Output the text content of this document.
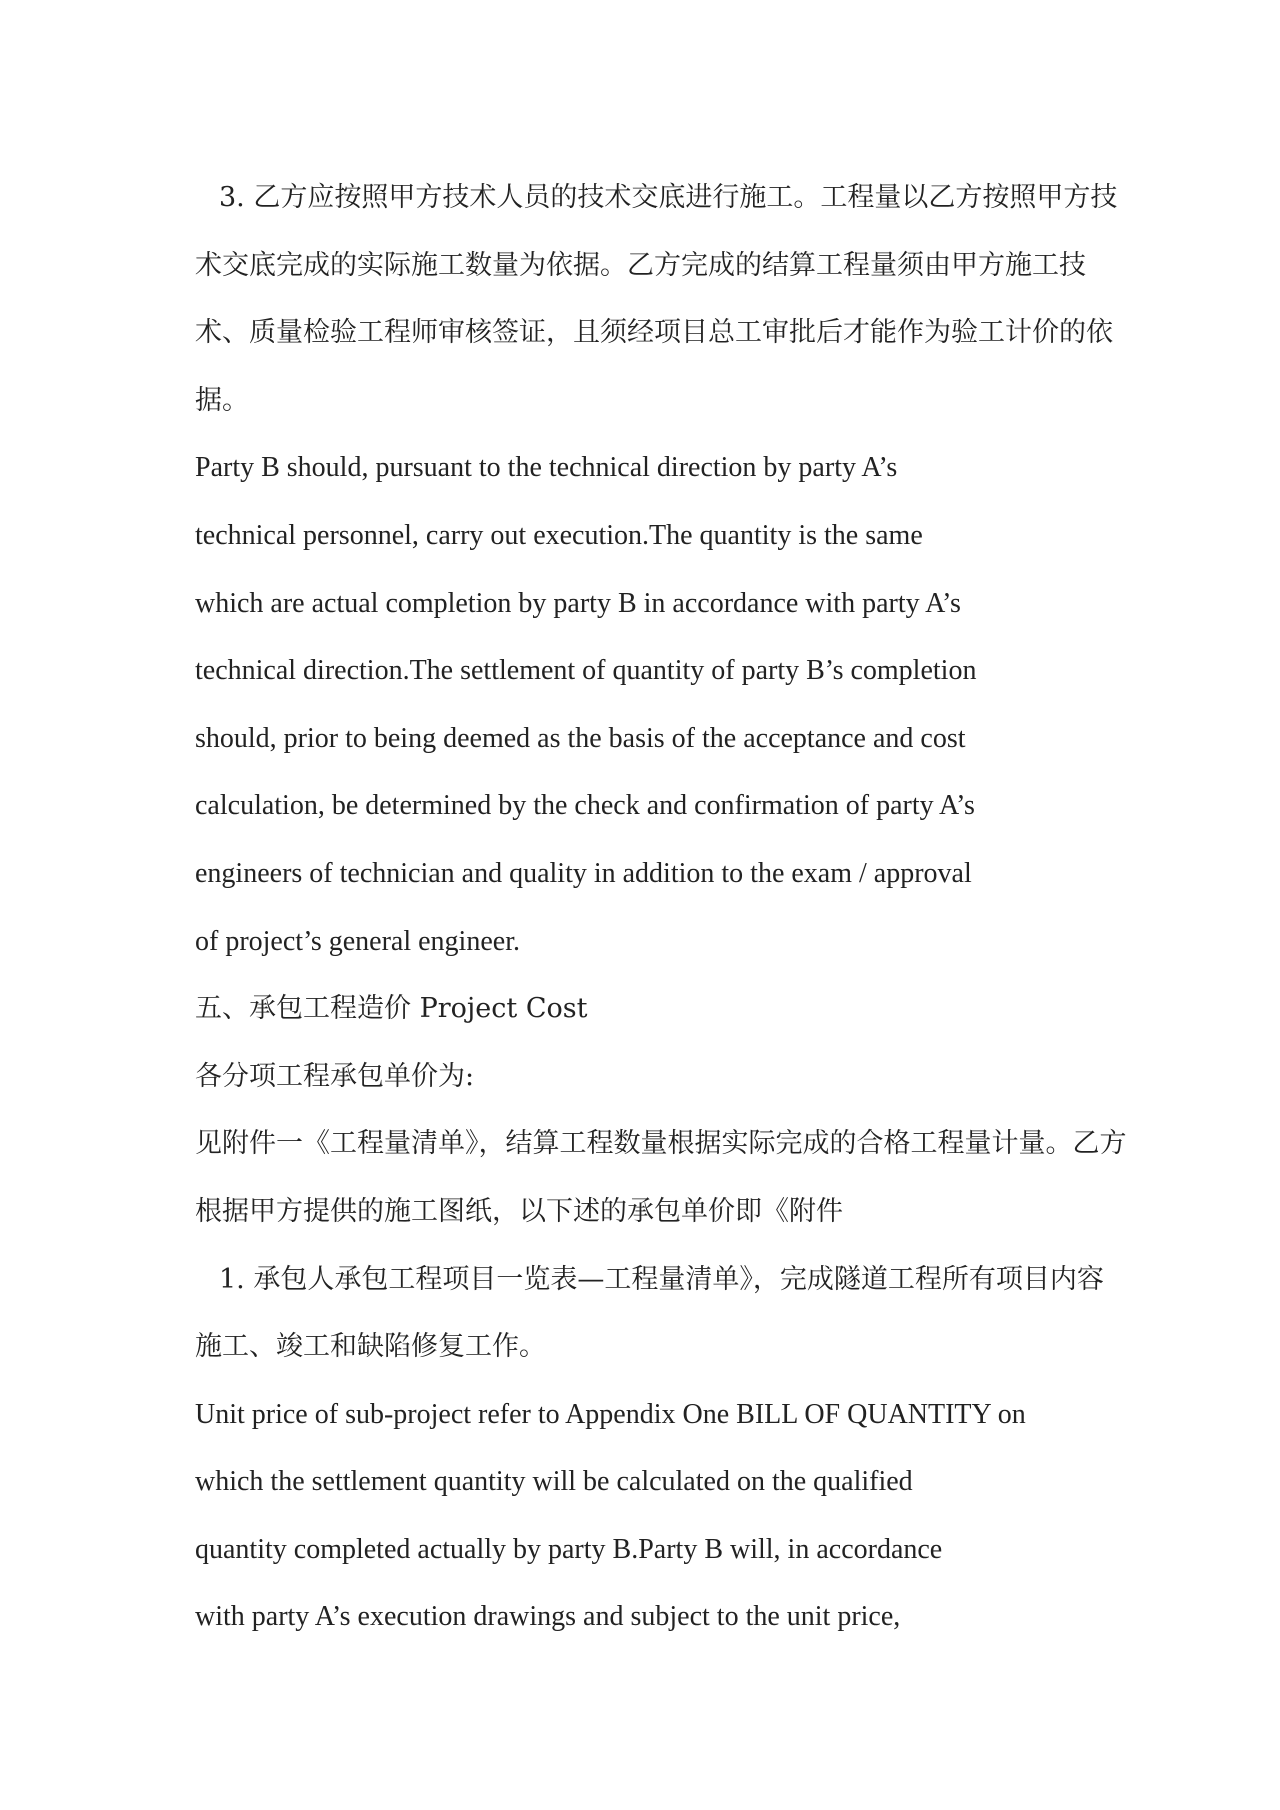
3. 乙方应按照甲方技术人员的技术交底进行施工。工程量以乙方按照甲方技
术交底完成的实际施工数量为依据。乙方完成的结算工程量须由甲方施工技
术、质量检验工程师审核签证，且须经项目总工审批后才能作为验工计价的依
据。
Party B should, pursuant to the technical direction by party A’s
technical personnel, carry out execution.The quantity is the same
which are actual completion by party B in accordance with party A’s
technical direction.The settlement of quantity of party B’s completion
should, prior to being deemed as the basis of the acceptance and cost
calculation, be determined by the check and confirmation of party A’s
engineers of technician and quality in addition to the exam / approval
of project’s general engineer.
五、承包工程造价 Project Cost
各分项工程承包单价为:
见附件一《工程量清单》，结算工程数量根据实际完成的合格工程量计量。乙方
根据甲方提供的施工图纸，以下述的承包单价即《附件
1. 承包人承包工程项目一览表—工程量清单》，完成隧道工程所有项目内容
施工、竣工和缺陷修复工作。
Unit price of sub-project refer to Appendix One BILL OF QUANTITY on
which the settlement quantity will be calculated on the qualified
quantity completed actually by party B.Party B will, in accordance
with party A’s execution drawings and subject to the unit price,
